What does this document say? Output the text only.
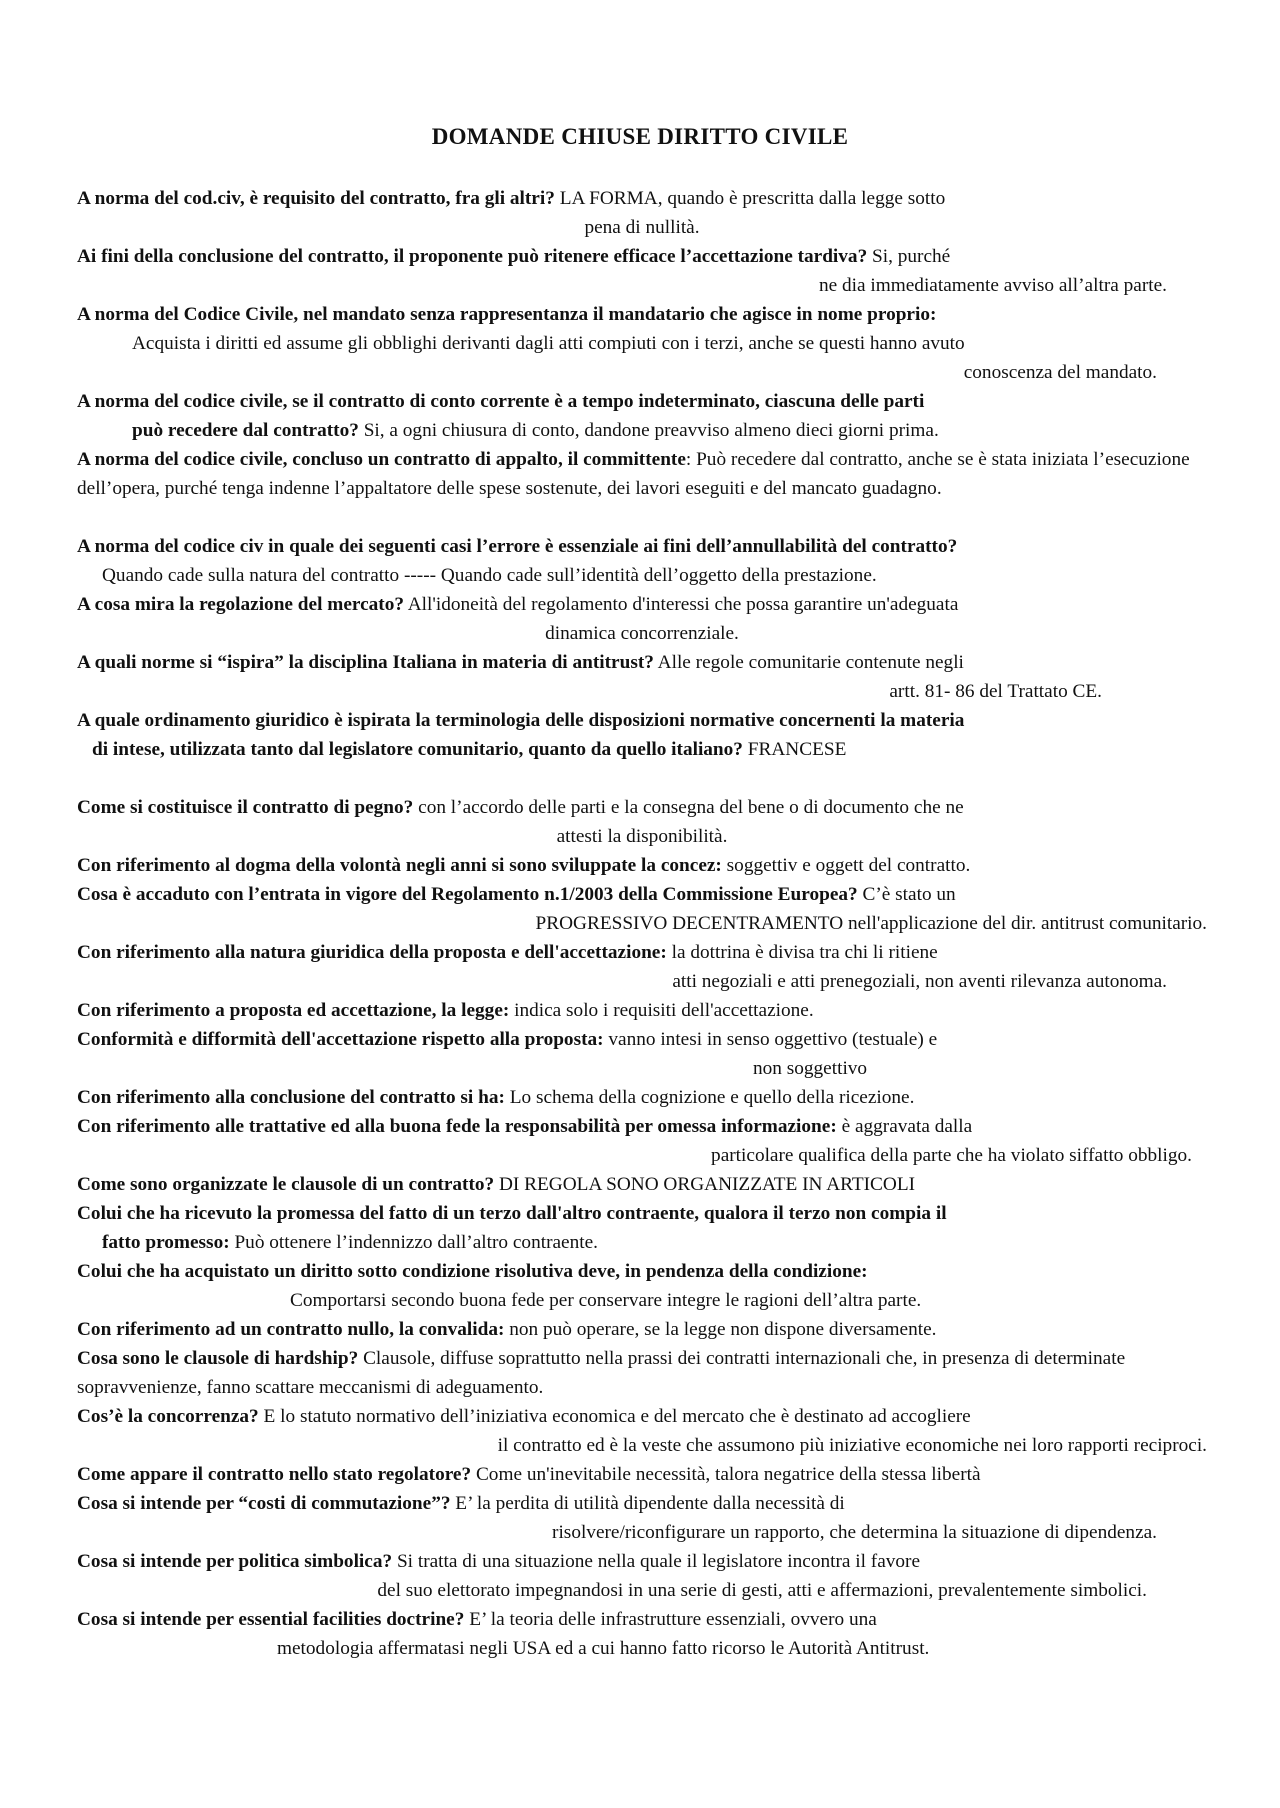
DOMANDE CHIUSE DIRITTO CIVILE
A norma del cod.civ, è requisito del contratto, fra gli altri? LA FORMA, quando è prescritta dalla legge sotto
pena di nullità.
Ai fini della conclusione del contratto, il proponente può ritenere efficace l’accettazione tardiva? Si, purché
ne dia immediatamente avviso all’altra parte.
A norma del Codice Civile, nel mandato senza rappresentanza il mandatario che agisce in nome proprio:
Acquista i diritti ed assume gli obblighi derivanti dagli atti compiuti con i terzi, anche se questi hanno avuto
conoscenza del mandato.
A norma del codice civile, se il contratto di conto corrente è a tempo indeterminato, ciascuna delle parti
può recedere dal contratto? Si, a ogni chiusura di conto, dandone preavviso almeno dieci giorni prima.
A norma del codice civile, concluso un contratto di appalto, il committente: Può recedere dal contratto, anche se è stata iniziata l’esecuzione dell’opera, purché tenga indenne l’appaltatore delle spese sostenute, dei lavori eseguiti e del mancato guadagno.
A norma del codice civ in quale dei seguenti casi l’errore è essenziale ai fini dell’annullabilità del contratto?
Quando cade sulla natura del contratto ----- Quando cade sull’identità dell’oggetto della prestazione.
A cosa mira la regolazione del mercato? All'idoneità del regolamento d'interessi che possa garantire un'adeguata
dinamica concorrenziale.
A quali norme si “ispira” la disciplina Italiana in materia di antitrust? Alle regole comunitarie contenute negli
artt. 81- 86 del Trattato CE.
A quale ordinamento giuridico è ispirata la terminologia delle disposizioni normative concernenti la materia
di intese, utilizzata tanto dal legislatore comunitario, quanto da quello italiano? FRANCESE
Come si costituisce il contratto di pegno? con l’accordo delle parti e la consegna del bene o di documento che ne
attesti la disponibilità.
Con riferimento al dogma della volontà negli anni si sono sviluppate la concez: soggettiv e oggett del contratto.
Cosa è accaduto con l’entrata in vigore del Regolamento n.1/2003 della Commissione Europea? C’è stato un
PROGRESSIVO DECENTRAMENTO nell'applicazione del dir. antitrust comunitario.
Con riferimento alla natura giuridica della proposta e dell'accettazione: la dottrina è divisa tra chi li ritiene
atti negoziali e atti prenegoziali, non aventi rilevanza autonoma.
Con riferimento a proposta ed accettazione, la legge: indica solo i requisiti dell'accettazione.
Conformità e difformità dell'accettazione rispetto alla proposta: vanno intesi in senso oggettivo (testuale) e
non soggettivo
Con riferimento alla conclusione del contratto si ha: Lo schema della cognizione e quello della ricezione.
Con riferimento alle trattative ed alla buona fede la responsabilità per omessa informazione: è aggravata dalla
particolare qualifica della parte che ha violato siffatto obbligo.
Come sono organizzate le clausole di un contratto? DI REGOLA SONO ORGANIZZATE IN ARTICOLI
Colui che ha ricevuto la promessa del fatto di un terzo dall'altro contraente, qualora il terzo non compia il
fatto promesso: Può ottenere l’indennizzo dall’altro contraente.
Colui che ha acquistato un diritto sotto condizione risolutiva deve, in pendenza della condizione:
Comportarsi secondo buona fede per conservare integre le ragioni dell’altra parte.
Con riferimento ad un contratto nullo, la convalida: non può operare, se la legge non dispone diversamente.
Cosa sono le clausole di hardship? Clausole, diffuse soprattutto nella prassi dei contratti internazionali che, in presenza di determinate sopravvenienze, fanno scattare meccanismi di adeguamento.
Cos’è la concorrenza? E lo statuto normativo dell’iniziativa economica e del mercato che è destinato ad accogliere
il contratto ed è la veste che assumono più iniziative economiche nei loro rapporti reciproci.
Come appare il contratto nello stato regolatore? Come un'inevitabile necessità, talora negatrice della stessa libertà
Cosa si intende per “costi di commutazione”? E’ la perdita di utilità dipendente dalla necessità di
risolvere/riconfigurare un rapporto, che determina la situazione di dipendenza.
Cosa si intende per politica simbolica? Si tratta di una situazione nella quale il legislatore incontra il favore
del suo elettorato impegnandosi in una serie di gesti, atti e affermazioni, prevalentemente simbolici.
Cosa si intende per essential facilities doctrine? E’ la teoria delle infrastrutture essenziali, ovvero una
metodologia affermatasi negli USA ed a cui hanno fatto ricorso le Autorità Antitrust.
